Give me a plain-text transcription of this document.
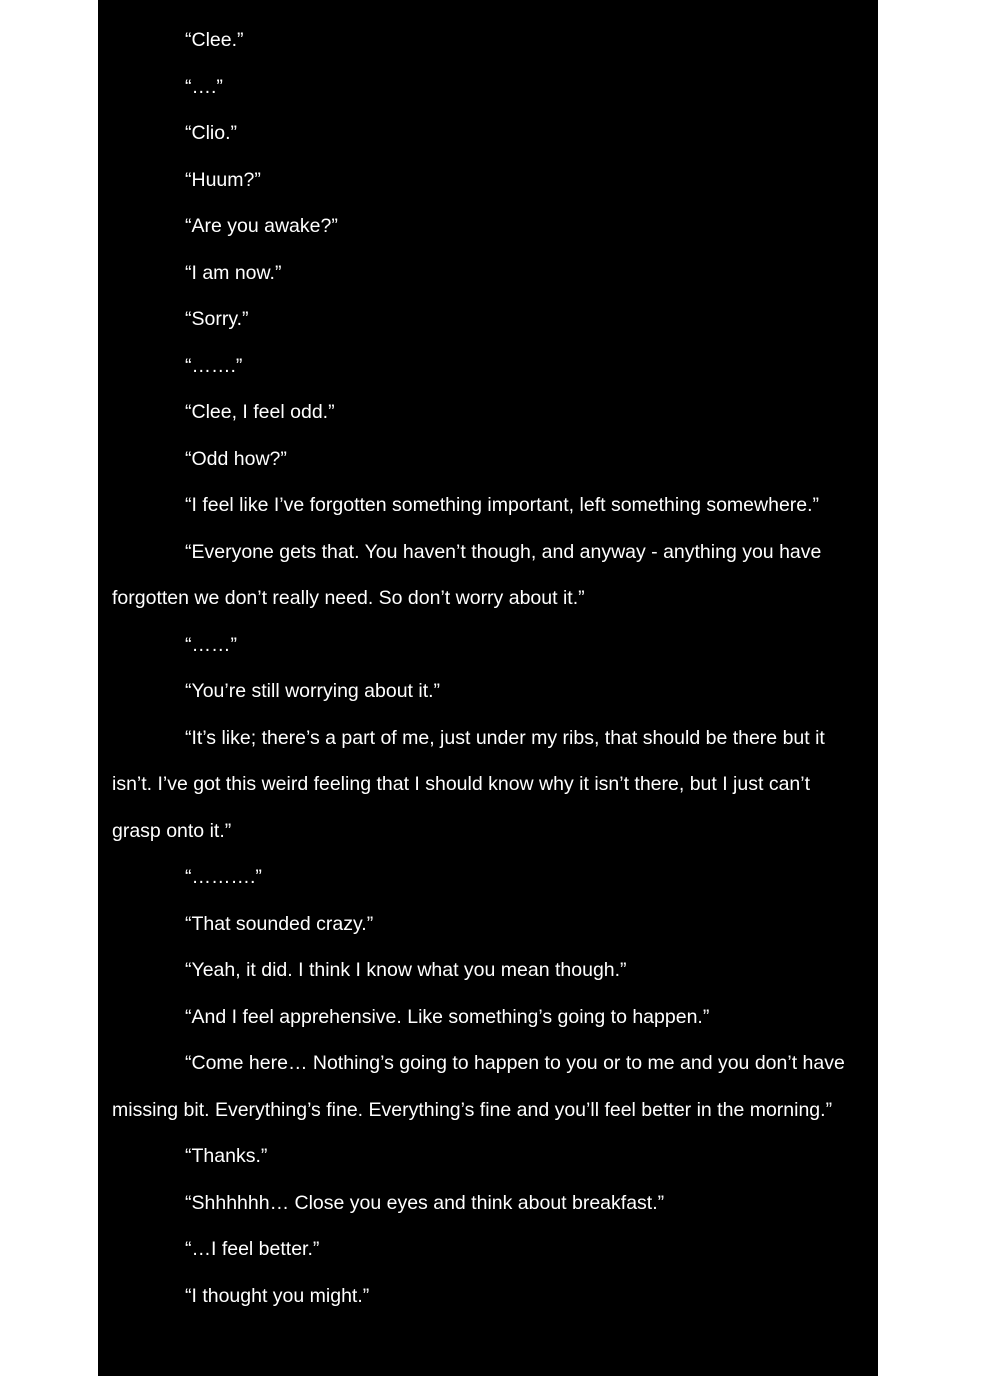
“Clee.”

“….”

“Clio.”

“Huum?”

“Are you awake?”

“I am now.”

“Sorry.”

“…….”

“Clee, I feel odd.”

“Odd how?”

“I feel like I’ve forgotten something important, left something somewhere.”

“Everyone gets that. You haven’t though, and anyway - anything you have forgotten we don’t really need. So don’t worry about it.”

“……”

“You’re still worrying about it.”

“It’s like; there’s a part of me, just under my ribs, that should be there but it isn’t. I’ve got this weird feeling that I should know why it isn’t there, but I just can’t grasp onto it.”

“……….”

“That sounded crazy.”

“Yeah, it did. I think I know what you mean though.”

“And I feel apprehensive. Like something’s going to happen.”

“Come here… Nothing’s going to happen to you or to me and you don’t have missing bit. Everything’s fine. Everything’s fine and you’ll feel better in the morning.”

“Thanks.”

“Shhhhhh… Close you eyes and think about breakfast.”

“…I feel better.”

“I thought you might.”
